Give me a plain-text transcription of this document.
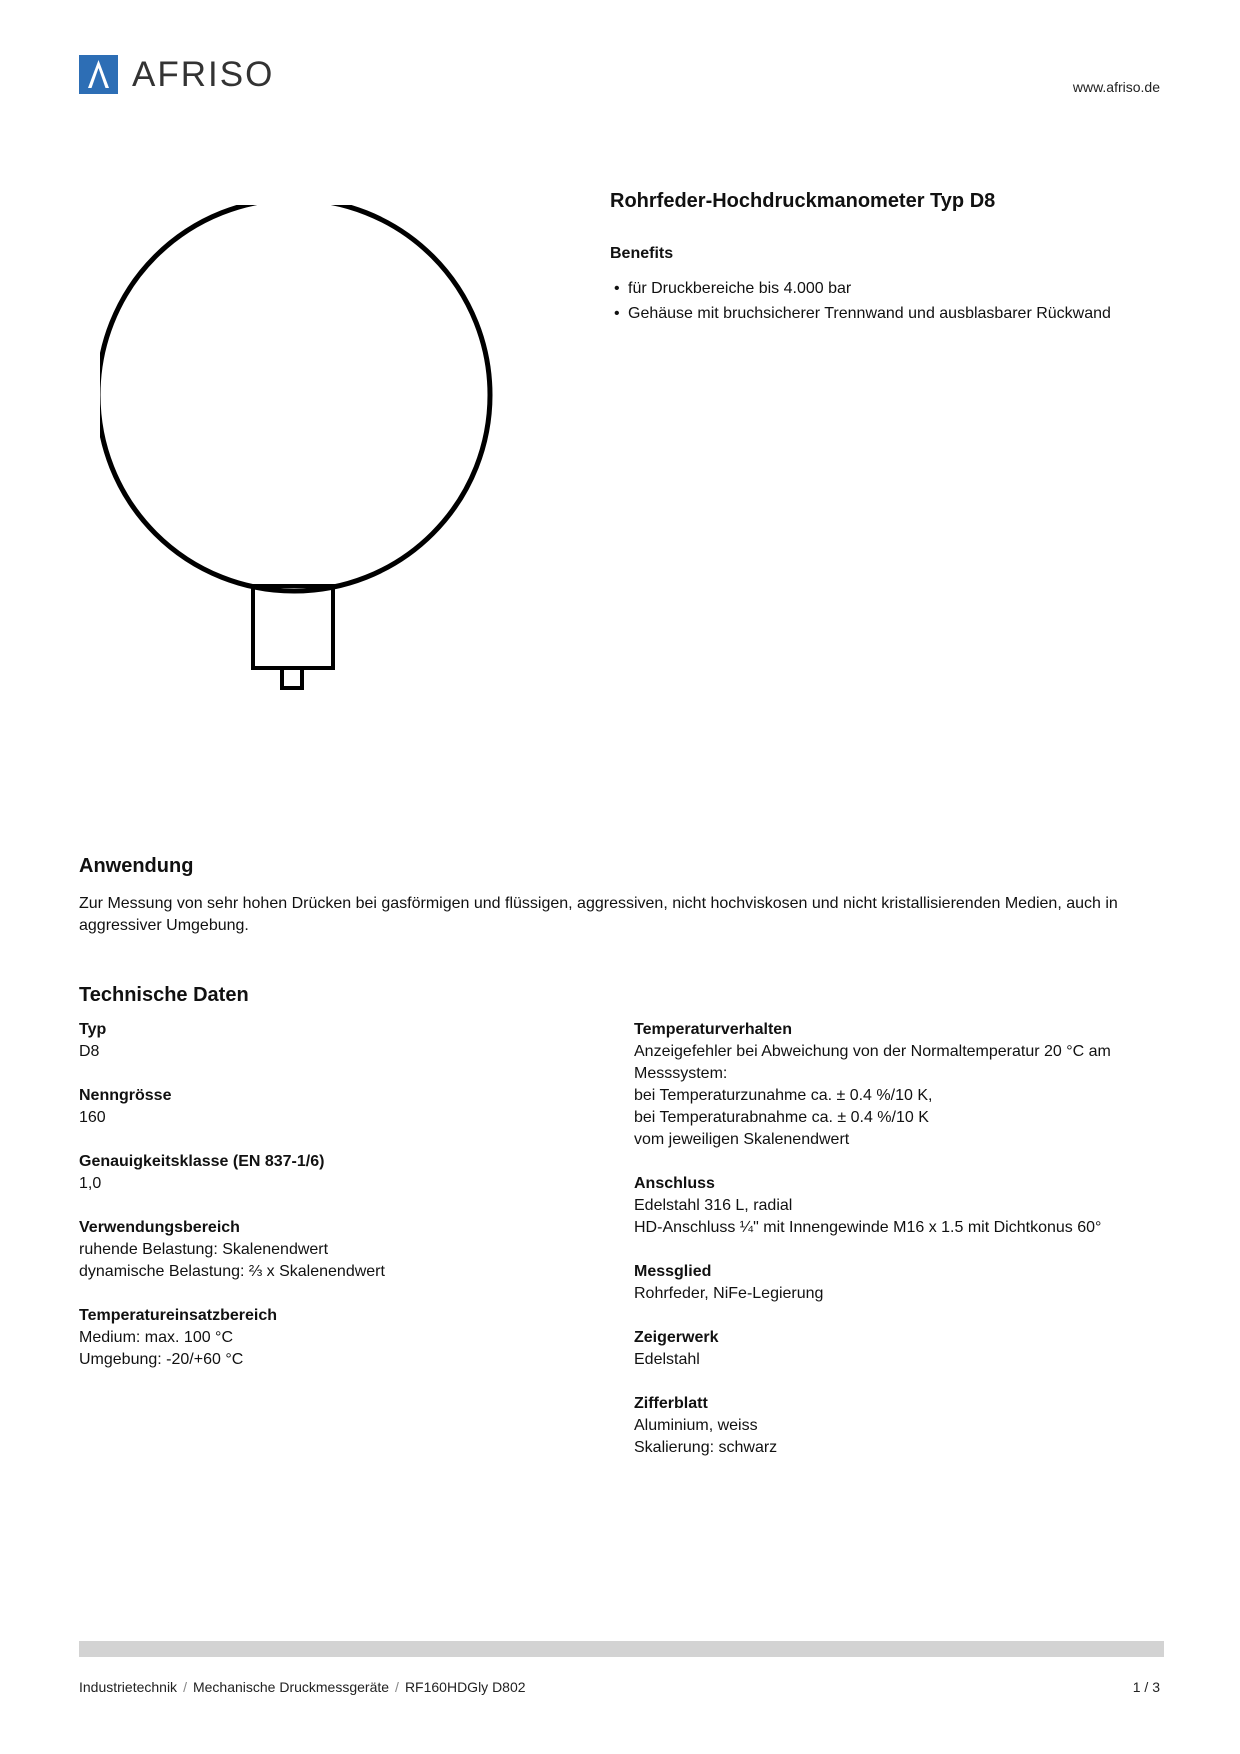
AFRISO	www.afriso.de
Rohrfeder-Hochdruckmanometer Typ D8
Benefits
• für Druckbereiche bis 4.000 bar
• Gehäuse mit bruchsicherer Trennwand und ausblasbarer Rückwand
Anwendung

Zur Messung von sehr hohen Drücken bei gasförmigen und flüssigen, aggressiven, nicht hochviskosen und nicht kristallisierenden Medien, auch in aggressiver Umgebung.

Technische Daten
Typ
D8
Nenngrösse
160
Genauigkeitsklasse (EN 837-1/6)
1,0
Verwendungsbereich
ruhende Belastung: Skalenendwert
dynamische Belastung: ⅔ x Skalenendwert
Temperatureinsatzbereich
Medium: max. 100 °C
Umgebung: -20/+60 °C
Temperaturverhalten
Anzeigefehler bei Abweichung von der Normaltemperatur 20 °C am
Messsystem:
bei Temperaturzunahme ca. ± 0.4 %/10 K,
bei Temperaturabnahme ca. ± 0.4 %/10 K
vom jeweiligen Skalenendwert
Anschluss
Edelstahl 316 L, radial
HD-Anschluss ¼" mit Innengewinde M16 x 1.5 mit Dichtkonus 60°
Messglied
Rohrfeder, NiFe-Legierung
Zeigerwerk
Edelstahl
Zifferblatt
Aluminium, weiss
Skalierung: schwarz
Industrietechnik / Mechanische Druckmessgeräte / RF160HDGly D802	1 / 3
